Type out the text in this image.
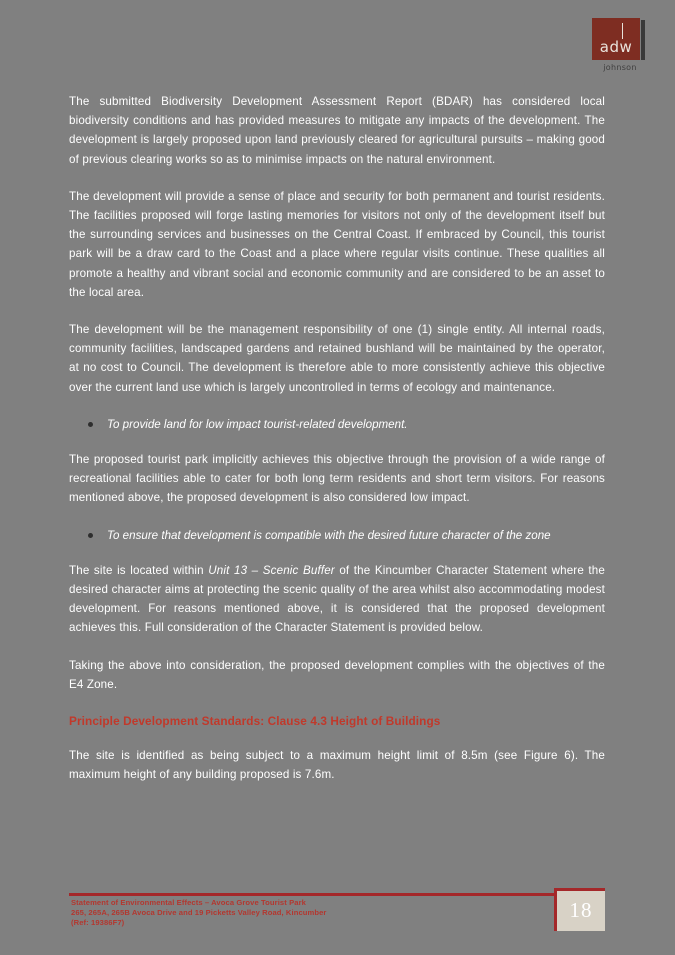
adw
johnson

The submitted Biodiversity Development Assessment Report (BDAR) has considered local biodiversity conditions and has provided measures to mitigate any impacts of the development. The development is largely proposed upon land previously cleared for agricultural pursuits – making good of previous clearing works so as to minimise impacts on the natural environment.

The development will provide a sense of place and security for both permanent and tourist residents. The facilities proposed will forge lasting memories for visitors not only of the development itself but the surrounding services and businesses on the Central Coast. If embraced by Council, this tourist park will be a draw card to the Coast and a place where regular visits continue. These qualities all promote a healthy and vibrant social and economic community and are considered to be an asset to the local area.

The development will be the management responsibility of one (1) single entity. All internal roads, community facilities, landscaped gardens and retained bushland will be maintained by the operator, at no cost to Council. The development is therefore able to more consistently achieve this objective over the current land use which is largely uncontrolled in terms of ecology and maintenance.

To provide land for low impact tourist-related development.

The proposed tourist park implicitly achieves this objective through the provision of a wide range of recreational facilities able to cater for both long term residents and short term visitors. For reasons mentioned above, the proposed development is also considered low impact.

To ensure that development is compatible with the desired future character of the zone

The site is located within Unit 13 – Scenic Buffer of the Kincumber Character Statement where the desired character aims at protecting the scenic quality of the area whilst also accommodating modest development. For reasons mentioned above, it is considered that the proposed development achieves this. Full consideration of the Character Statement is provided below.

Taking the above into consideration, the proposed development complies with the objectives of the E4 Zone.

Principle Development Standards: Clause 4.3 Height of Buildings

The site is identified as being subject to a maximum height limit of 8.5m (see Figure 6). The maximum height of any building proposed is 7.6m.

Statement of Environmental Effects – Avoca Grove Tourist Park
265, 265A, 265B Avoca Drive and 19 Picketts Valley Road, Kincumber
(Ref: 19386F7)
18
